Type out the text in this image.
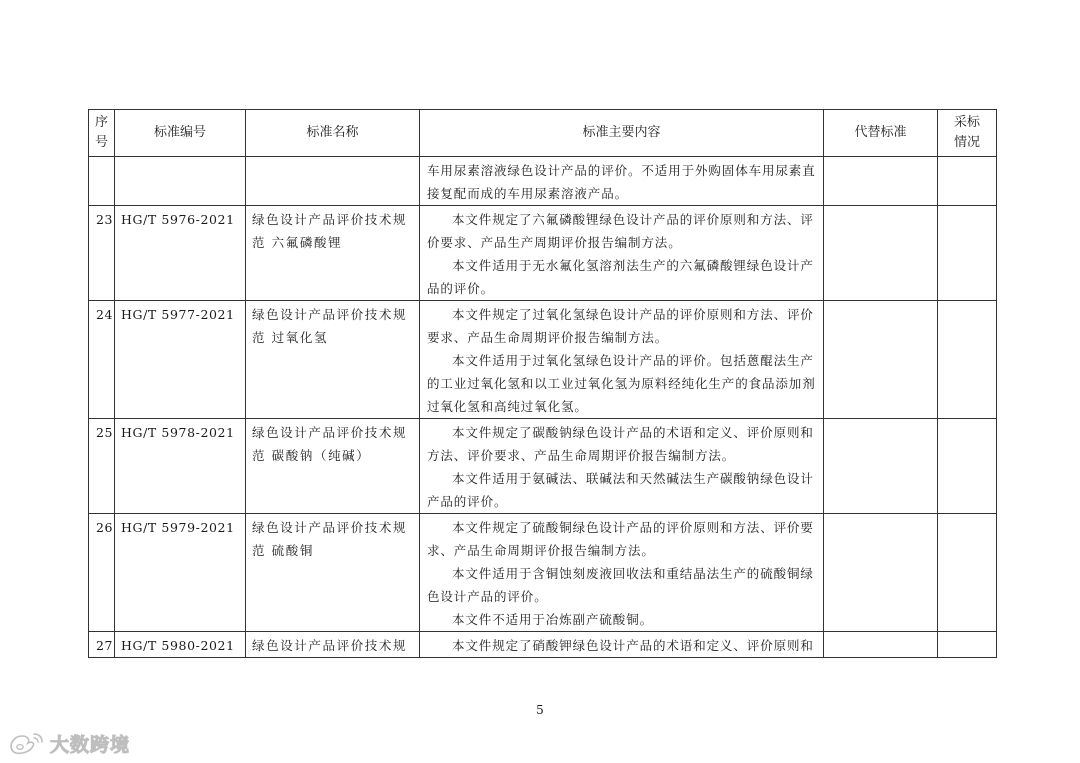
序
号	标准编号	标准名称	标准主要内容	代替标准	采标
情况

			车用尿素溶液绿色设计产品的评价。不适用于外购固体车用尿素直接复配而成的车用尿素溶液产品。		

23	HG/T 5976-2021	绿色设计产品评价技术规范 六氟磷酸锂	本文件规定了六氟磷酸锂绿色设计产品的评价原则和方法、评价要求、产品生产周期评价报告编制方法。
本文件适用于无水氟化氢溶剂法生产的六氟磷酸锂绿色设计产品的评价。		

24	HG/T 5977-2021	绿色设计产品评价技术规范 过氧化氢	本文件规定了过氧化氢绿色设计产品的评价原则和方法、评价要求、产品生命周期评价报告编制方法。
本文件适用于过氧化氢绿色设计产品的评价。包括蒽醌法生产的工业过氧化氢和以工业过氧化氢为原料经纯化生产的食品添加剂过氧化氢和高纯过氧化氢。		

25	HG/T 5978-2021	绿色设计产品评价技术规范 碳酸钠（纯碱）	本文件规定了碳酸钠绿色设计产品的术语和定义、评价原则和方法、评价要求、产品生命周期评价报告编制方法。
本文件适用于氨碱法、联碱法和天然碱法生产碳酸钠绿色设计产品的评价。		

26	HG/T 5979-2021	绿色设计产品评价技术规范 硫酸铜	本文件规定了硫酸铜绿色设计产品的评价原则和方法、评价要求、产品生命周期评价报告编制方法。
本文件适用于含铜蚀刻废液回收法和重结晶法生产的硫酸铜绿色设计产品的评价。
本文件不适用于冶炼副产硫酸铜。		

27	HG/T 5980-2021	绿色设计产品评价技术规	本文件规定了硝酸钾绿色设计产品的术语和定义、评价原则和		

5
大数跨境
